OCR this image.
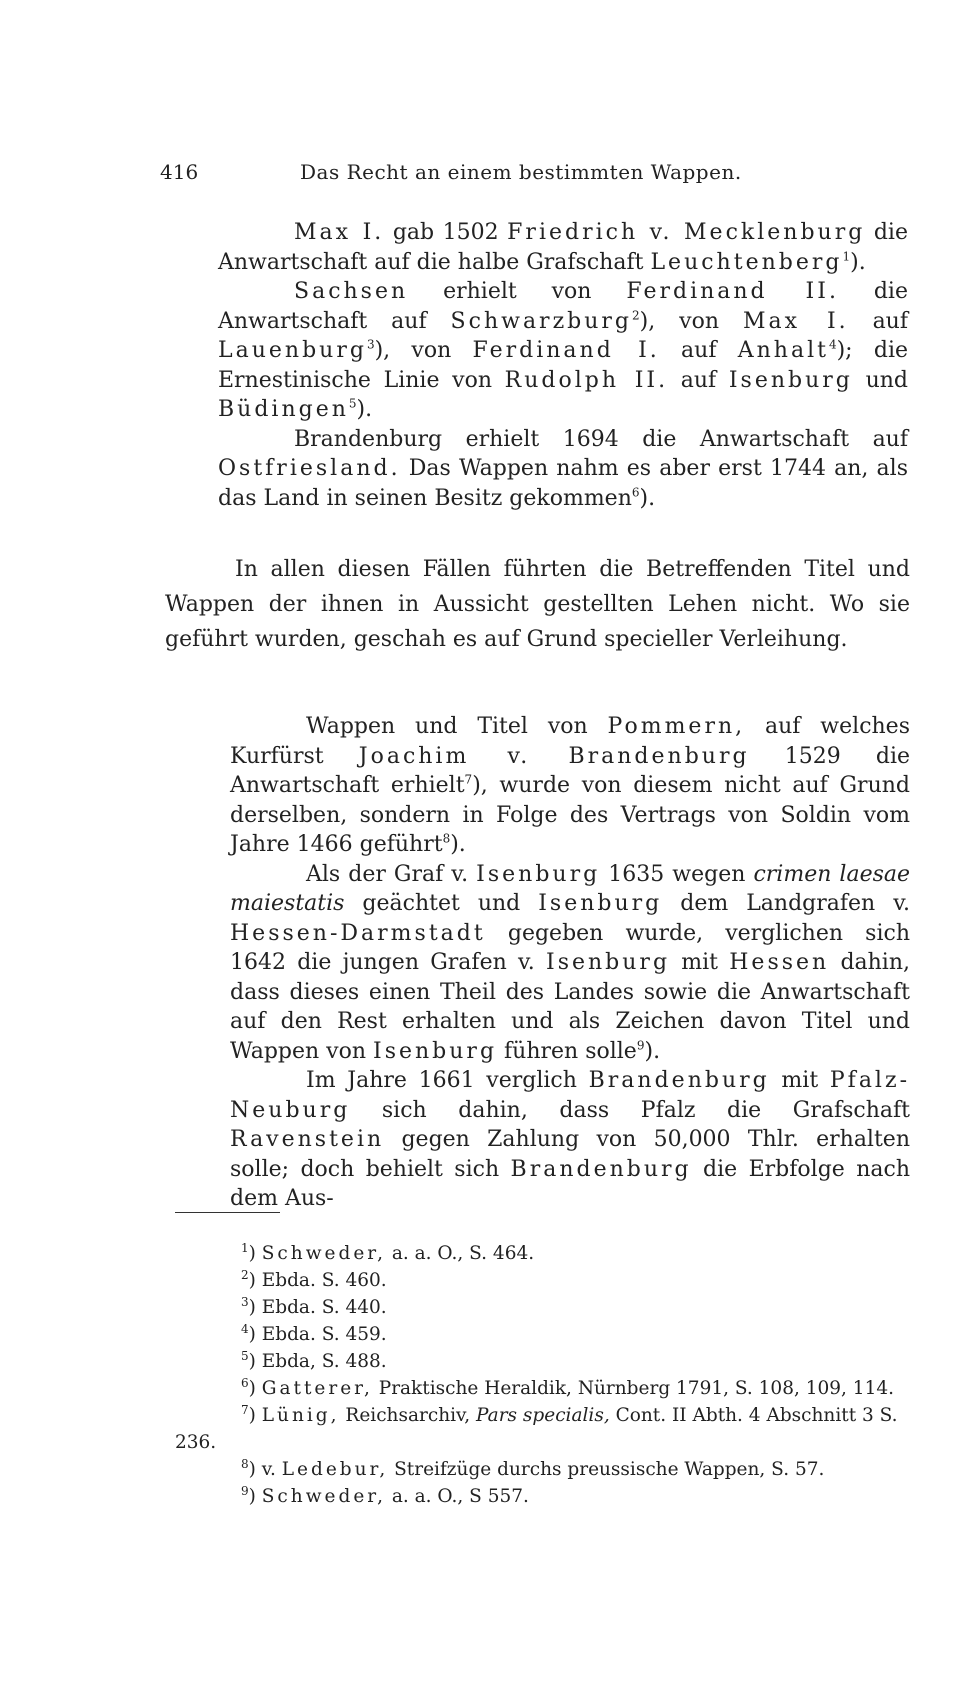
416	Das Recht an einem bestimmten Wappen.

Max I. gab 1502 Friedrich v. Mecklenburg die Anwartschaft auf die halbe Grafschaft Leuchtenberg$^1$).

Sachsen erhielt von Ferdinand II. die Anwartschaft auf Schwarzburg$^2$), von Max I. auf Lauenburg$^3$), von Ferdinand I. auf Anhalt$^4$); die Ernestinische Linie von Rudolph II. auf Isenburg und Büdingen$^5$).

Brandenburg erhielt 1694 die Anwartschaft auf Ostfriesland. Das Wappen nahm es aber erst 1744 an, als das Land in seinen Besitz gekommen$^6$).

In allen diesen Fällen führten die Betreffenden Titel und Wappen der ihnen in Aussicht gestellten Lehen nicht. Wo sie geführt wurden, geschah es auf Grund specieller Verleihung.

Wappen und Titel von Pommern, auf welches Kurfürst Joachim v. Brandenburg 1529 die Anwartschaft erhielt$^7$), wurde von diesem nicht auf Grund derselben, sondern in Folge des Vertrags von Soldin vom Jahre 1466 geführt$^8$).

Als der Graf v. Isenburg 1635 wegen crimen laesae maiestatis geächtet und Isenburg dem Landgrafen v. Hessen-Darmstadt gegeben wurde, verglichen sich 1642 die jungen Grafen v. Isenburg mit Hessen dahin, dass dieses einen Theil des Landes sowie die Anwartschaft auf den Rest erhalten und als Zeichen davon Titel und Wappen von Isenburg führen solle$^9$).

Im Jahre 1661 verglich Brandenburg mit Pfalz-Neuburg sich dahin, dass Pfalz die Grafschaft Ravenstein gegen Zahlung von 50,000 Thlr. erhalten solle; doch behielt sich Brandenburg die Erbfolge nach dem Aus-

$^1$) Schweder, a. a. O., S. 464.

$^2$) Ebda. S. 460.

$^3$) Ebda. S. 440.

$^4$) Ebda. S. 459.

$^5$) Ebda, S. 488.

$^6$) Gatterer, Praktische Heraldik, Nürnberg 1791, S. 108, 109, 114.

$^7$) Lünig, Reichsarchiv, Pars specialis, Cont. II Abth. 4 Abschnitt 3 S. 236.

$^8$) v. Ledebur, Streifzüge durchs preussische Wappen, S. 57.

$^9$) Schweder, a. a. O., S 557.
